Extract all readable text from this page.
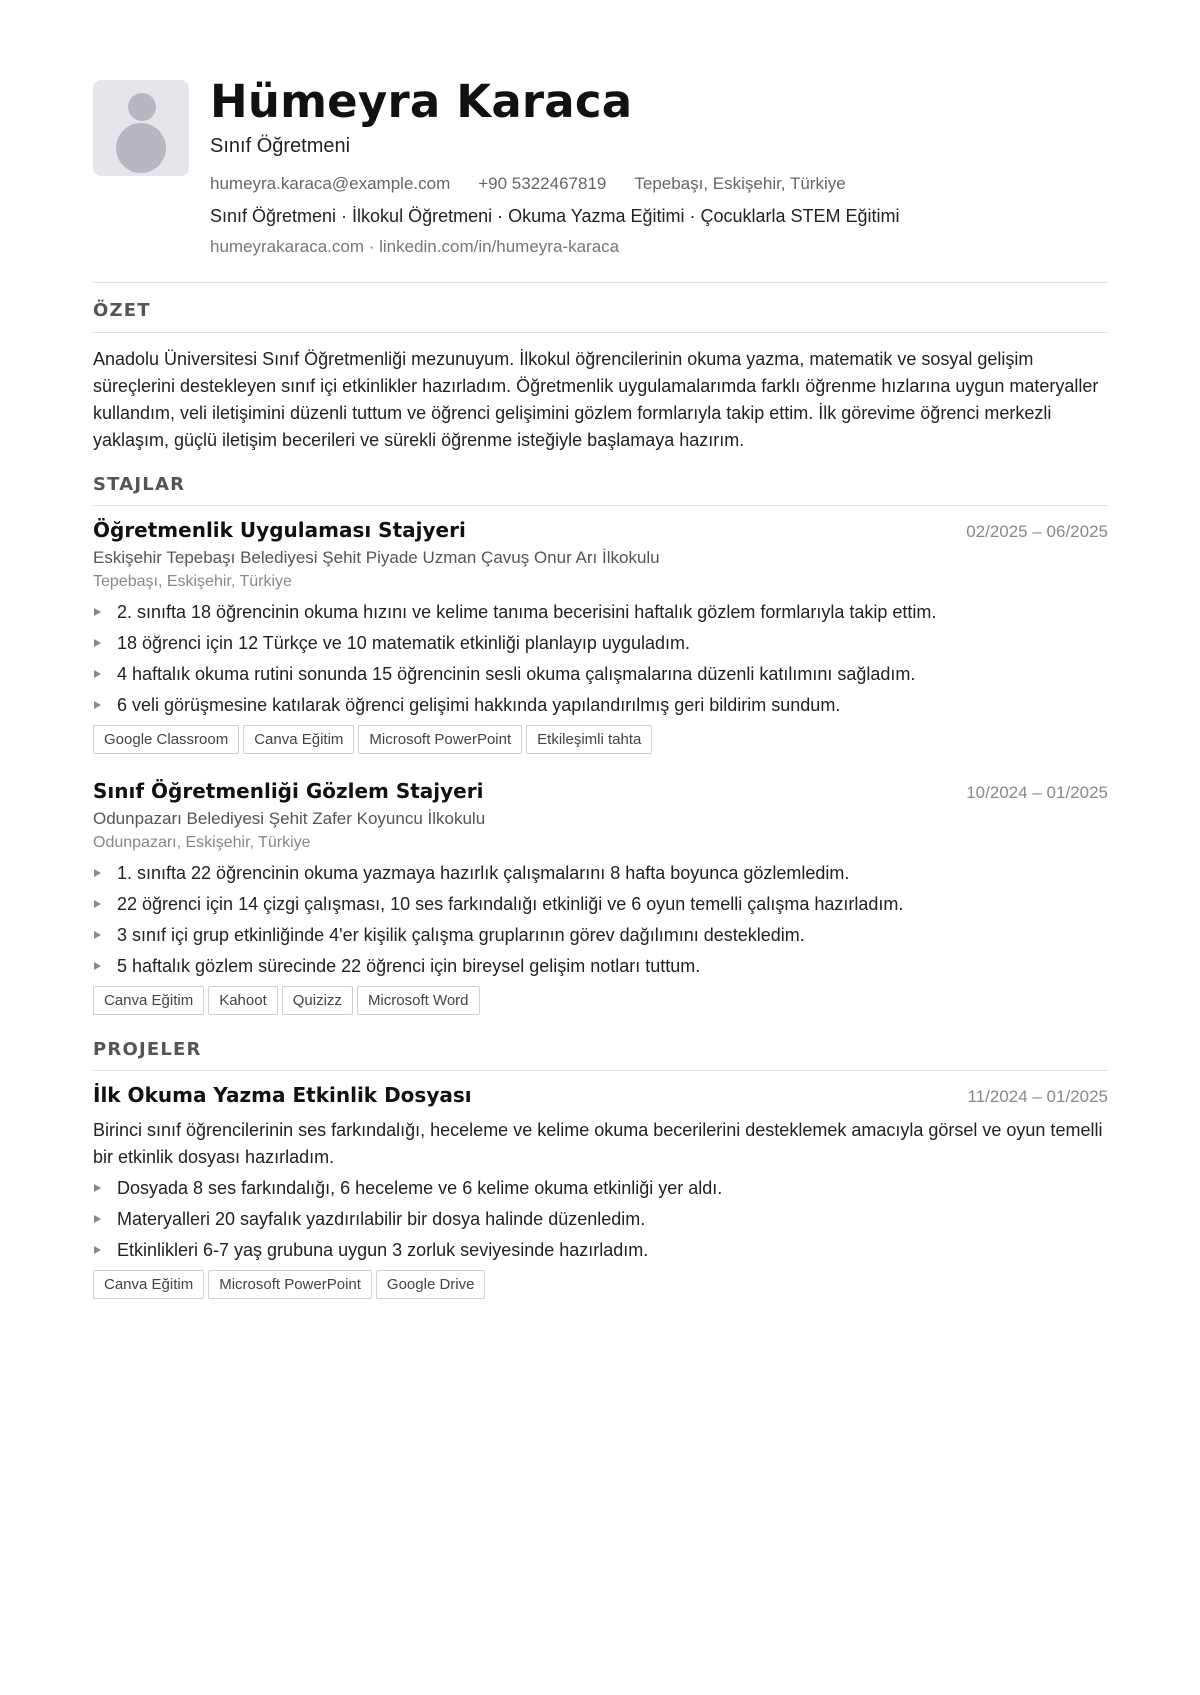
Hümeyra Karaca
Sınıf Öğretmeni
humeyra.karaca@example.com +90 5322467819 Tepebaşı, Eskişehir, Türkiye
Sınıf Öğretmeni · İlkokul Öğretmeni · Okuma Yazma Eğitimi · Çocuklarla STEM Eğitimi
humeyrakaraca.com · linkedin.com/in/humeyra-karaca
ÖZET
Anadolu Üniversitesi Sınıf Öğretmenliği mezunuyum. İlkokul öğrencilerinin okuma yazma, matematik ve sosyal gelişim süreçlerini destekleyen sınıf içi etkinlikler hazırladım. Öğretmenlik uygulamalarımda farklı öğrenme hızlarına uygun materyaller kullandım, veli iletişimini düzenli tuttum ve öğrenci gelişimini gözlem formlarıyla takip ettim. İlk görevime öğrenci merkezli yaklaşım, güçlü iletişim becerileri ve sürekli öğrenme isteğiyle başlamaya hazırım.
STAJLAR
Öğretmenlik Uygulaması Stajyeri	02/2025 – 06/2025
Eskişehir Tepebaşı Belediyesi Şehit Piyade Uzman Çavuş Onur Arı İlkokulu
Tepebaşı, Eskişehir, Türkiye
2. sınıfta 18 öğrencinin okuma hızını ve kelime tanıma becerisini haftalık gözlem formlarıyla takip ettim.
18 öğrenci için 12 Türkçe ve 10 matematik etkinliği planlayıp uyguladım.
4 haftalık okuma rutini sonunda 15 öğrencinin sesli okuma çalışmalarına düzenli katılımını sağladım.
6 veli görüşmesine katılarak öğrenci gelişimi hakkında yapılandırılmış geri bildirim sundum.
Google Classroom	Canva Eğitim	Microsoft PowerPoint	Etkileşimli tahta
Sınıf Öğretmenliği Gözlem Stajyeri	10/2024 – 01/2025
Odunpazarı Belediyesi Şehit Zafer Koyuncu İlkokulu
Odunpazarı, Eskişehir, Türkiye
1. sınıfta 22 öğrencinin okuma yazmaya hazırlık çalışmalarını 8 hafta boyunca gözlemledim.
22 öğrenci için 14 çizgi çalışması, 10 ses farkındalığı etkinliği ve 6 oyun temelli çalışma hazırladım.
3 sınıf içi grup etkinliğinde 4'er kişilik çalışma gruplarının görev dağılımını destekledim.
5 haftalık gözlem sürecinde 22 öğrenci için bireysel gelişim notları tuttum.
Canva Eğitim	Kahoot	Quizizz	Microsoft Word
PROJELER
İlk Okuma Yazma Etkinlik Dosyası	11/2024 – 01/2025
Birinci sınıf öğrencilerinin ses farkındalığı, heceleme ve kelime okuma becerilerini desteklemek amacıyla görsel ve oyun temelli bir etkinlik dosyası hazırladım.
Dosyada 8 ses farkındalığı, 6 heceleme ve 6 kelime okuma etkinliği yer aldı.
Materyalleri 20 sayfalık yazdırılabilir bir dosya halinde düzenledim.
Etkinlikleri 6-7 yaş grubuna uygun 3 zorluk seviyesinde hazırladım.
Canva Eğitim	Microsoft PowerPoint	Google Drive
